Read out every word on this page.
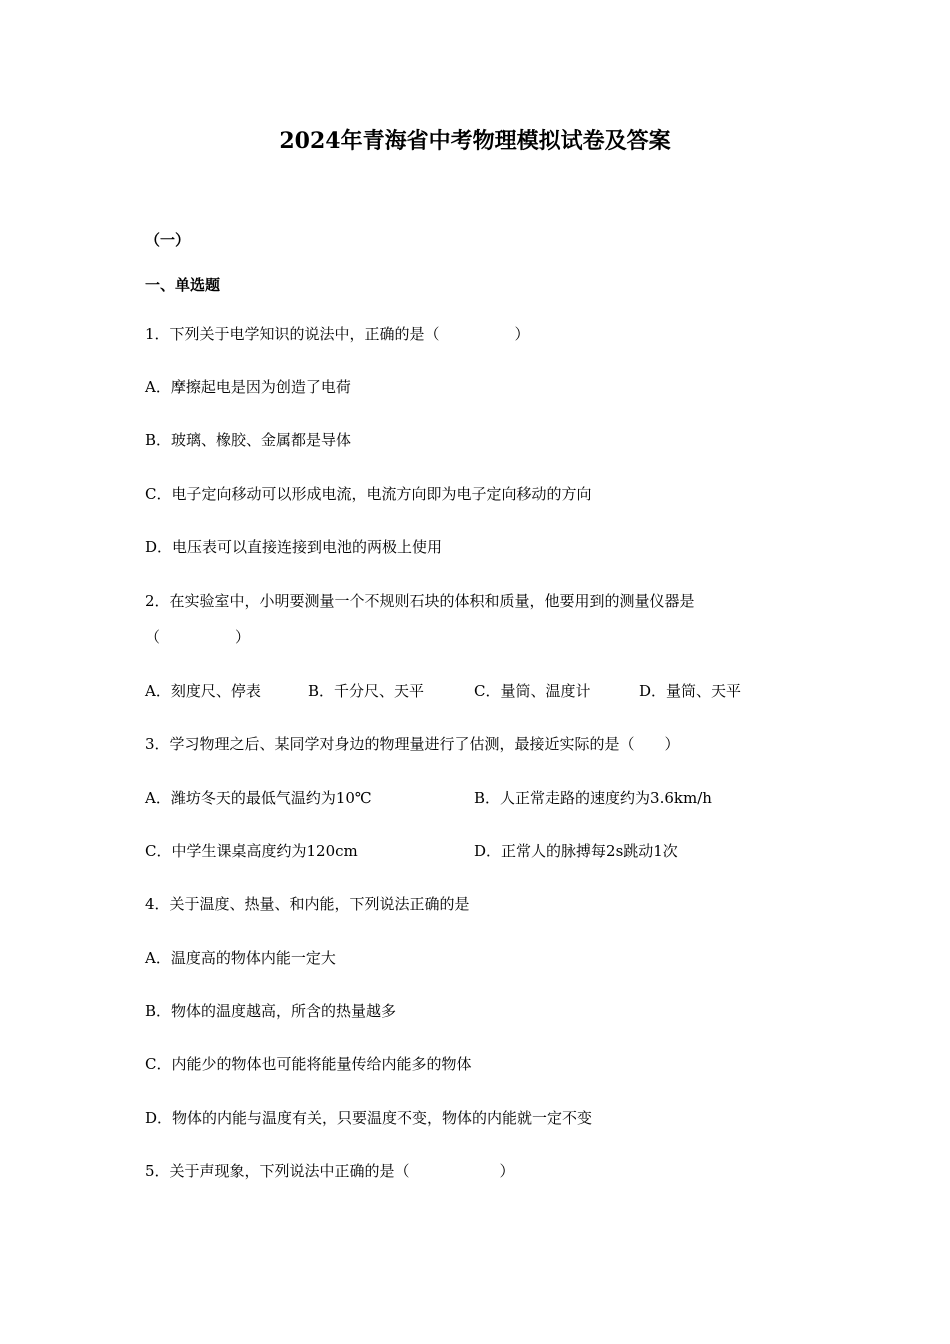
2024年青海省中考物理模拟试卷及答案
（一）
一、单选题
1．下列关于电学知识的说法中，正确的是（　　　　　）
A．摩擦起电是因为创造了电荷
B．玻璃、橡胶、金属都是导体
C．电子定向移动可以形成电流，电流方向即为电子定向移动的方向
D．电压表可以直接连接到电池的两极上使用
2．在实验室中，小明要测量一个不规则石块的体积和质量，他要用到的测量仪器是
（　　　　　）
A．刻度尺、停表	B．千分尺、天平	C．量筒、温度计	D．量筒、天平
3．学习物理之后、某同学对身边的物理量进行了估测，最接近实际的是（　　）
A．潍坊冬天的最低气温约为10℃	B．人正常走路的速度约为3.6km/h
C．中学生课桌高度约为120cm	D．正常人的脉搏每2s跳动1次
4．关于温度、热量、和内能，下列说法正确的是
A．温度高的物体内能一定大
B．物体的温度越高，所含的热量越多
C．内能少的物体也可能将能量传给内能多的物体
D．物体的内能与温度有关，只要温度不变，物体的内能就一定不变
5．关于声现象，下列说法中正确的是（　　　　　　）
